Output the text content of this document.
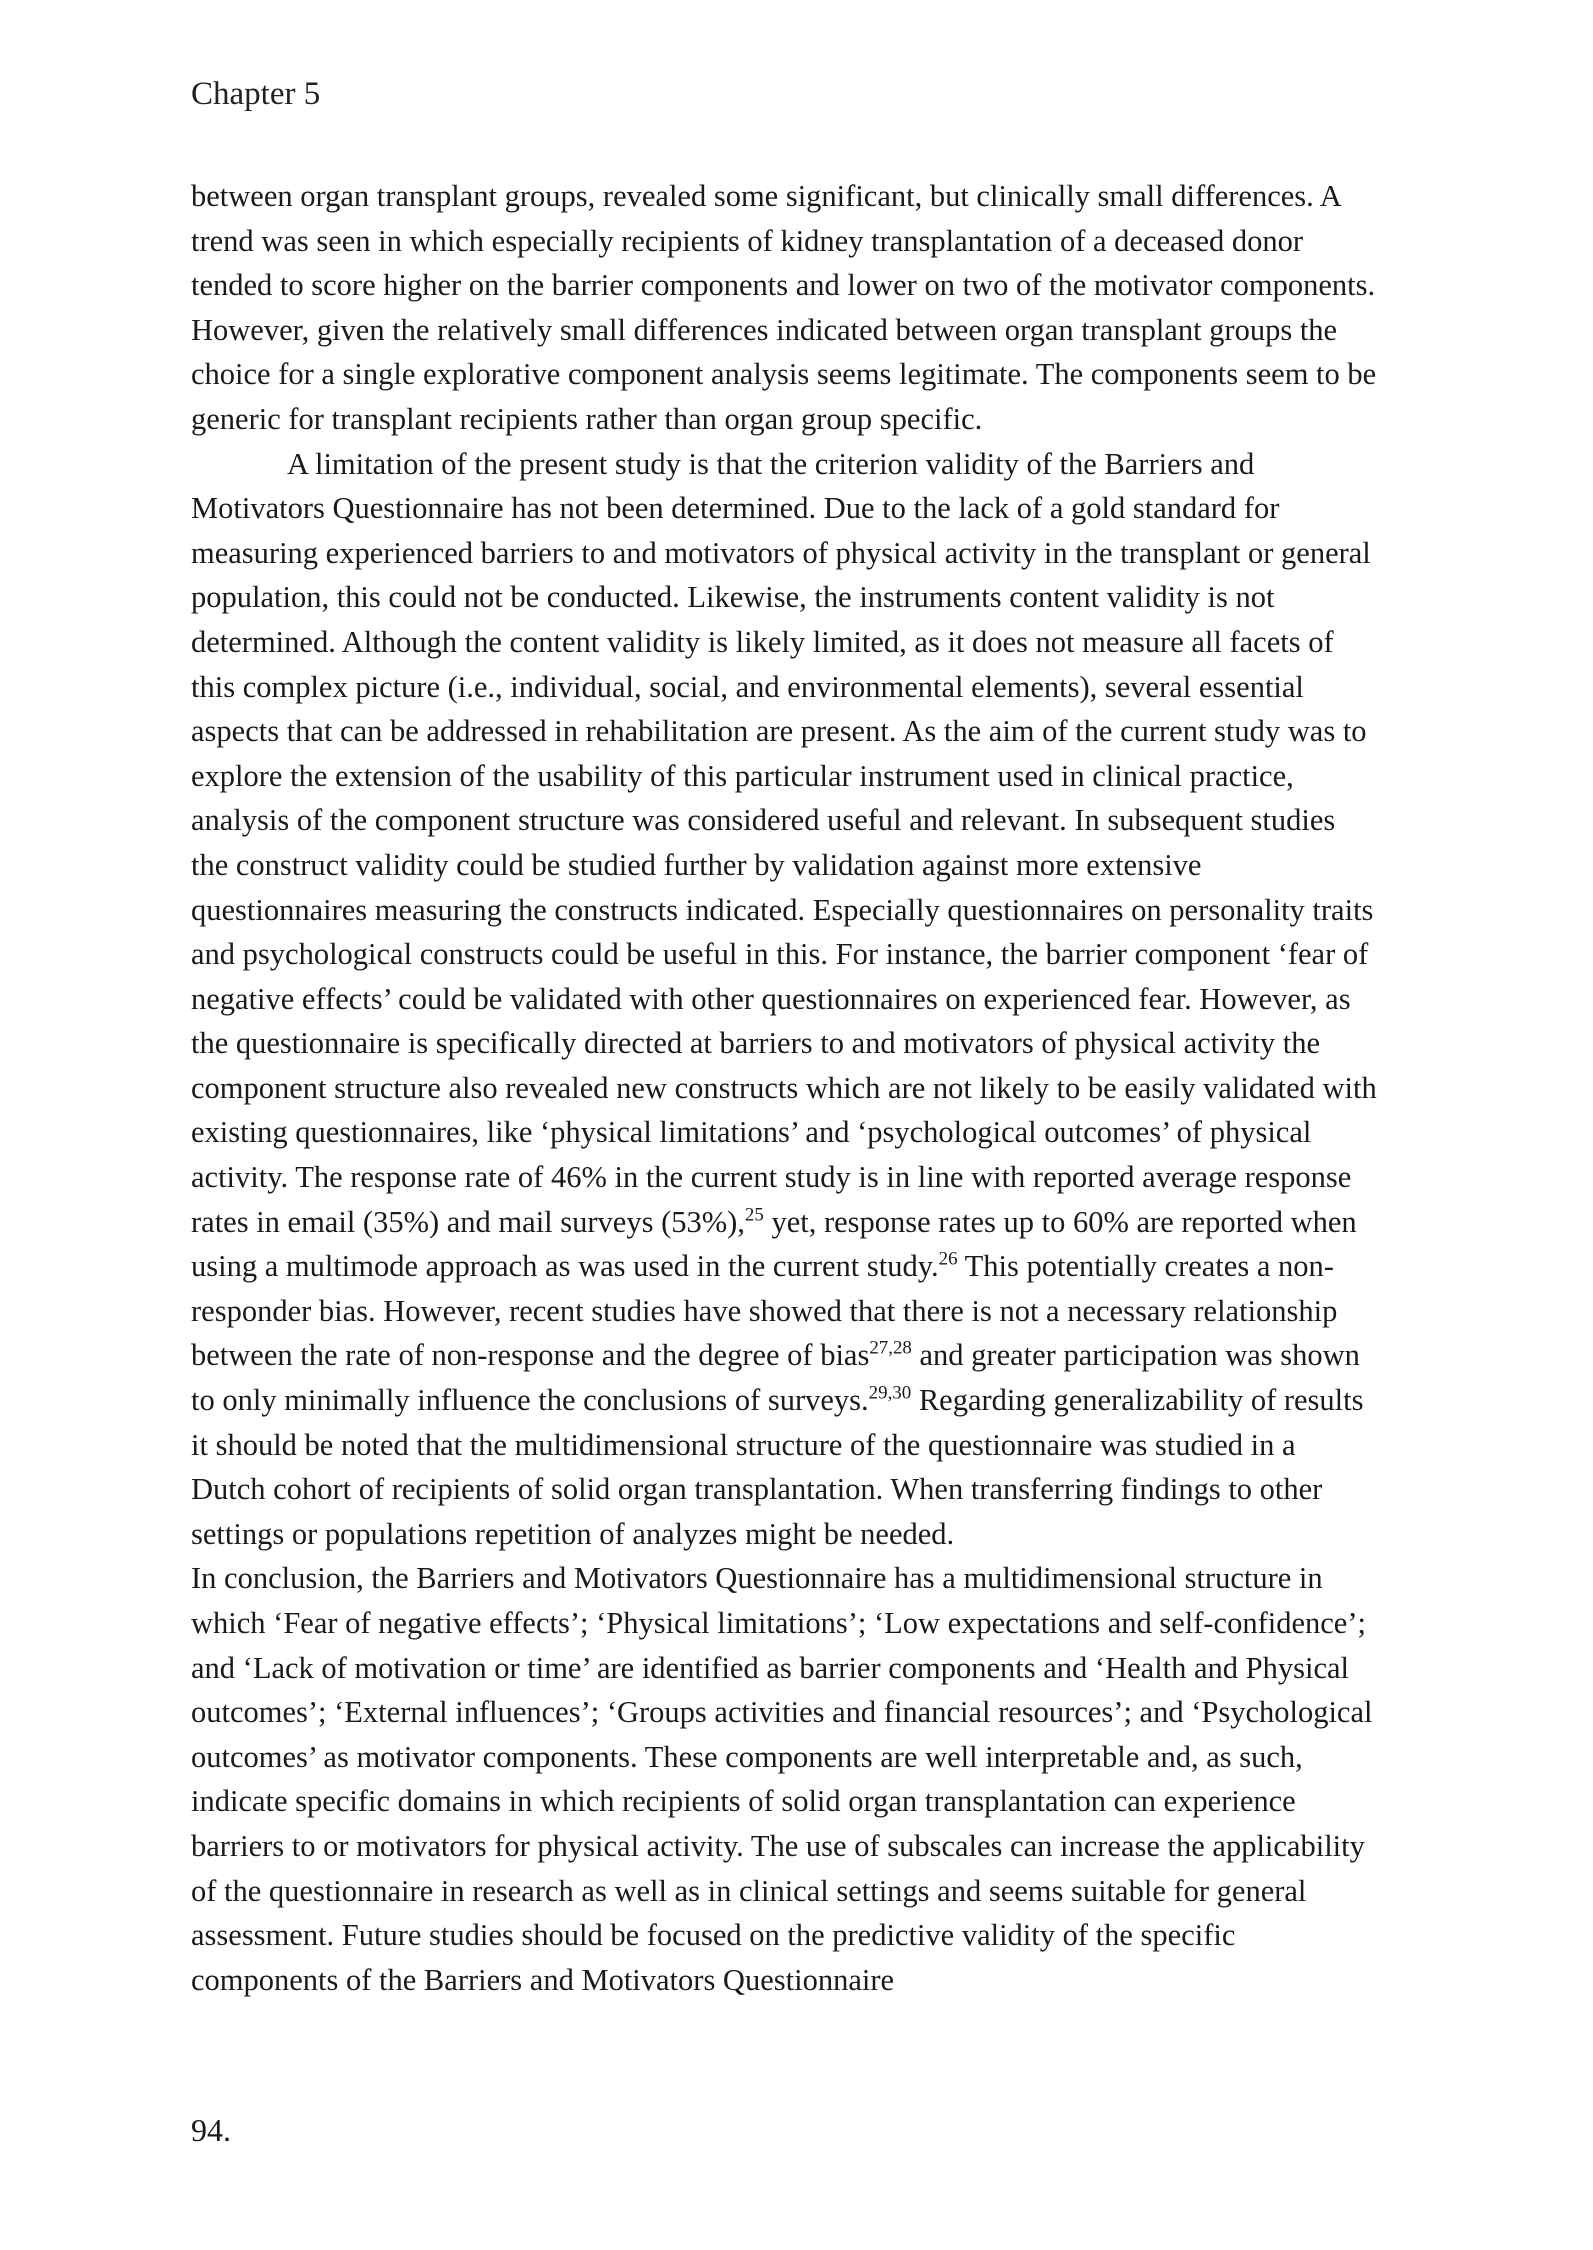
Chapter 5

between organ transplant groups, revealed some significant, but clinically small differences. A trend was seen in which especially recipients of kidney transplantation of a deceased donor tended to score higher on the barrier components and lower on two of the motivator components. However, given the relatively small differences indicated between organ transplant groups the choice for a single explorative component analysis seems legitimate. The components seem to be generic for transplant recipients rather than organ group specific.

A limitation of the present study is that the criterion validity of the Barriers and Motivators Questionnaire has not been determined. Due to the lack of a gold standard for measuring experienced barriers to and motivators of physical activity in the transplant or general population, this could not be conducted. Likewise, the instruments content validity is not determined. Although the content validity is likely limited, as it does not measure all facets of this complex picture (i.e., individual, social, and environmental elements), several essential aspects that can be addressed in rehabilitation are present. As the aim of the current study was to explore the extension of the usability of this particular instrument used in clinical practice, analysis of the component structure was considered useful and relevant. In subsequent studies the construct validity could be studied further by validation against more extensive questionnaires measuring the constructs indicated. Especially questionnaires on personality traits and psychological constructs could be useful in this. For instance, the barrier component ‘fear of negative effects’ could be validated with other questionnaires on experienced fear. However, as the questionnaire is specifically directed at barriers to and motivators of physical activity the component structure also revealed new constructs which are not likely to be easily validated with existing questionnaires, like ‘physical limitations’ and ‘psychological outcomes’ of physical activity. The response rate of 46% in the current study is in line with reported average response rates in email (35%) and mail surveys (53%),$^{25}$ yet, response rates up to 60% are reported when using a multimode approach as was used in the current study.$^{26}$ This potentially creates a non-responder bias. However, recent studies have showed that there is not a necessary relationship between the rate of non-response and the degree of bias$^{27,28}$ and greater participation was shown to only minimally influence the conclusions of surveys.$^{29,30}$ Regarding generalizability of results it should be noted that the multidimensional structure of the questionnaire was studied in a Dutch cohort of recipients of solid organ transplantation. When transferring findings to other settings or populations repetition of analyzes might be needed.

In conclusion, the Barriers and Motivators Questionnaire has a multidimensional structure in which ‘Fear of negative effects’; ‘Physical limitations’; ‘Low expectations and self-confidence’; and ‘Lack of motivation or time’ are identified as barrier components and ‘Health and Physical outcomes’; ‘External influences’; ‘Groups activities and financial resources’; and ‘Psychological outcomes’ as motivator components. These components are well interpretable and, as such, indicate specific domains in which recipients of solid organ transplantation can experience barriers to or motivators for physical activity. The use of subscales can increase the applicability of the questionnaire in research as well as in clinical settings and seems suitable for general assessment. Future studies should be focused on the predictive validity of the specific components of the Barriers and Motivators Questionnaire

94.
